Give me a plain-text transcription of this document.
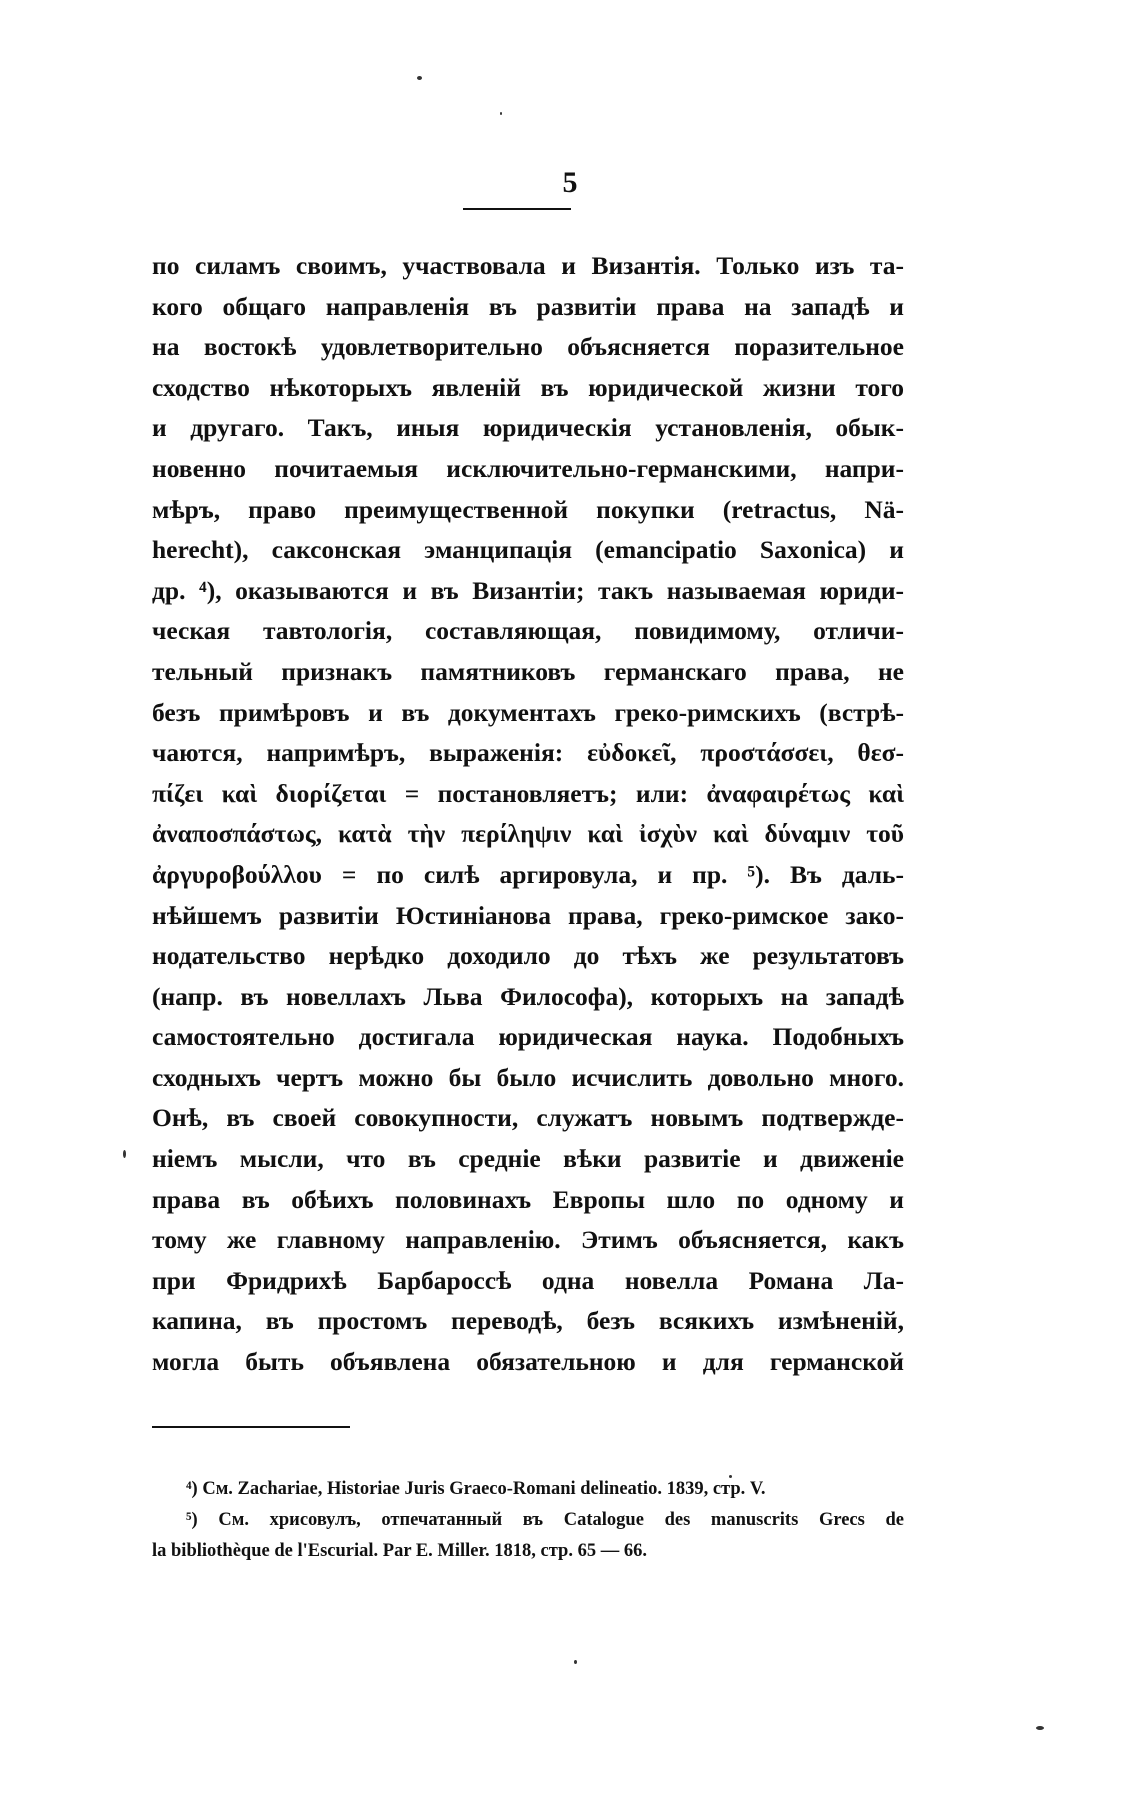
5
по силамъ своимъ, участвовала и Византія. Только изъ та-
кого общаго направленія въ развитіи права на западѣ и
на востокѣ удовлетворительно объясняется поразительное
сходство нѣкоторыхъ явленій въ юридической жизни того
и другаго. Такъ, иныя юридическія установленія, обык-
новенно почитаемыя исключительно-германскими, напри-
мѣръ, право преимущественной покупки (retractus, Nä-
herecht), саксонская эманципація (emancipatio Saxonica) и
др. ⁴), оказываются и въ Византіи; такъ называемая юриди-
ческая тавтологія, составляющая, повидимому, отличи-
тельный признакъ памятниковъ германскаго права, не
безъ примѣровъ и въ документахъ греко-римскихъ (встрѣ-
чаются, напримѣръ, выраженія: εὐδοκεῖ, προστάσσει, θεσ-
πίζει καὶ διορίζεται = постановляетъ; или: ἀναφαιρέτως καὶ
ἀναποσπάστως, κατὰ τὴν περίληψιν καὶ ἰσχὺν καὶ δύναμιν τοῦ
ἀργυροβούλλου = по силѣ аргировула, и пр. ⁵). Въ даль-
нѣйшемъ развитіи Юстиніанова права, греко-римское зако-
нодательство нерѣдко доходило до тѣхъ же результатовъ
(напр. въ новеллахъ Льва Философа), которыхъ на западѣ
самостоятельно достигала юридическая наука. Подобныхъ
сходныхъ чертъ можно бы было исчислить довольно много.
Онѣ, въ своей совокупности, служатъ новымъ подтвержде-
ніемъ мысли, что въ средніе вѣки развитіе и движеніе
права въ обѣихъ половинахъ Европы шло по одному и
тому же главному направленію. Этимъ объясняется, какъ
при Фридрихѣ Барбароссѣ одна новелла Романа Ла-
капина, въ простомъ переводѣ, безъ всякихъ измѣненій,
могла быть объявлена обязательною и для германской
⁴) См. Zachariae, Historiae Juris Graeco-Romani delineatio. 1839, стр. V.
⁵) См. хрисовулъ, отпечатанный въ Catalogue des manuscrits Grecs de
la bibliothèque de l'Escurial. Par E. Miller. 1818, стр. 65 — 66.
